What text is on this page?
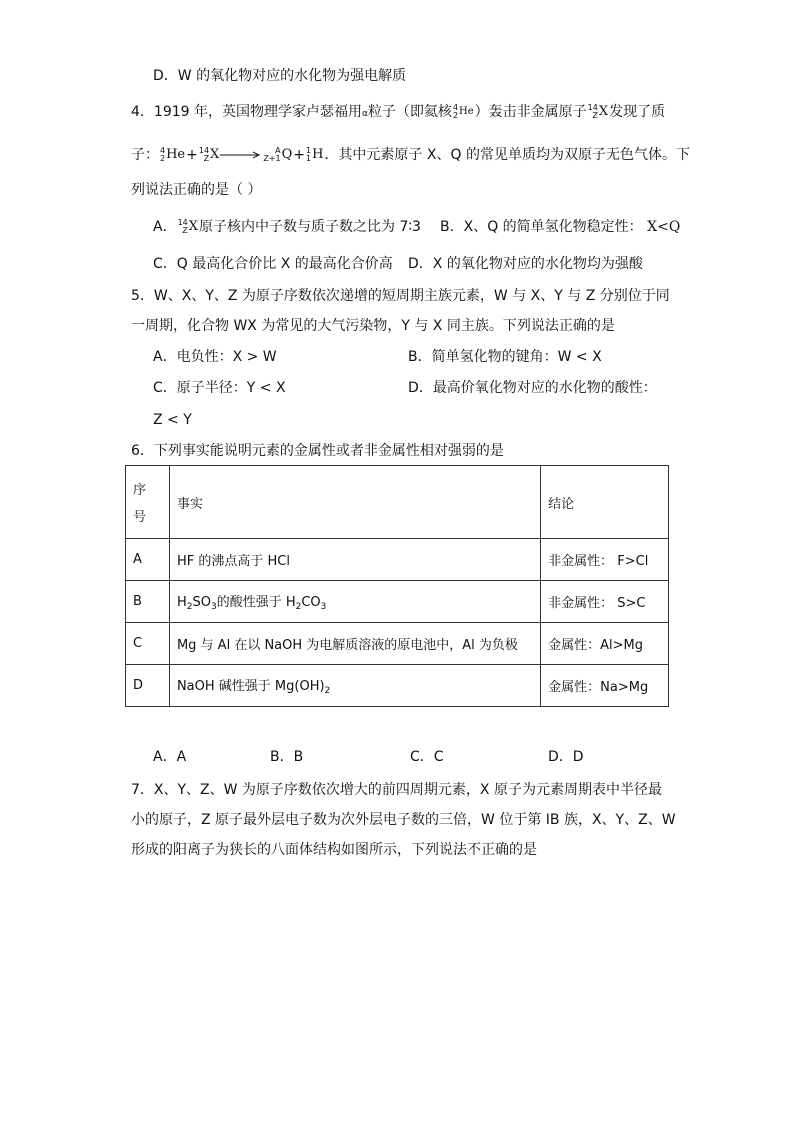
D．W 的氧化物对应的水化物为强电解质
4．1919 年，英国物理学家卢瑟福用α粒子（即氦核 4
2 He）轰击非金属原子 14
Z X发现了质
子： 4
2 He+ 14
Z X→	A
Z+1 Q+ 1
1 H．其中元素原子 X、Q 的常见单质均为双原子无色气体。下
列说法正确的是（ ）
A． 14
Z X原子核内中子数与质子数之比为 7∶3 B．X、Q 的简单氢化物稳定性： X<Q
C．Q 最高化合价比 X 的最高化合价高 D．X 的氧化物对应的水化物均为强酸
5．W、X、Y、Z 为原子序数依次递增的短周期主族元素，W 与 X、Y 与 Z 分别位于同
一周期，化合物 WX 为常见的大气污染物，Y 与 X 同主族。下列说法正确的是
A．电负性：X > W	B．简单氢化物的键角：W < X
C．原子半径：Y < X	D．最高价氧化物对应的水化物的酸性：
Z < Y
6．下列事实能说明元素的金属性或者非金属性相对强弱的是
序
号	事实	结论
A	HF 的沸点高于 HCl	非金属性： F>Cl
B	$H_2SO_3$的酸性强于 $H_2CO_3$	非金属性： S>C
C	Mg 与 Al 在以 NaOH 为电解质溶液的原电池中，Al 为负极	金属性：Al>Mg
D	NaOH 碱性强于 $Mg(OH)_2$	金属性：Na>Mg
A．A	B．B	C．C	D．D
7．X、Y、Z、W 为原子序数依次增大的前四周期元素，X 原子为元素周期表中半径最
小的原子，Z 原子最外层电子数为次外层电子数的三倍，W 位于第 IB 族，X、Y、Z、W
形成的阳离子为狭长的八面体结构如图所示，下列说法不正确的是
